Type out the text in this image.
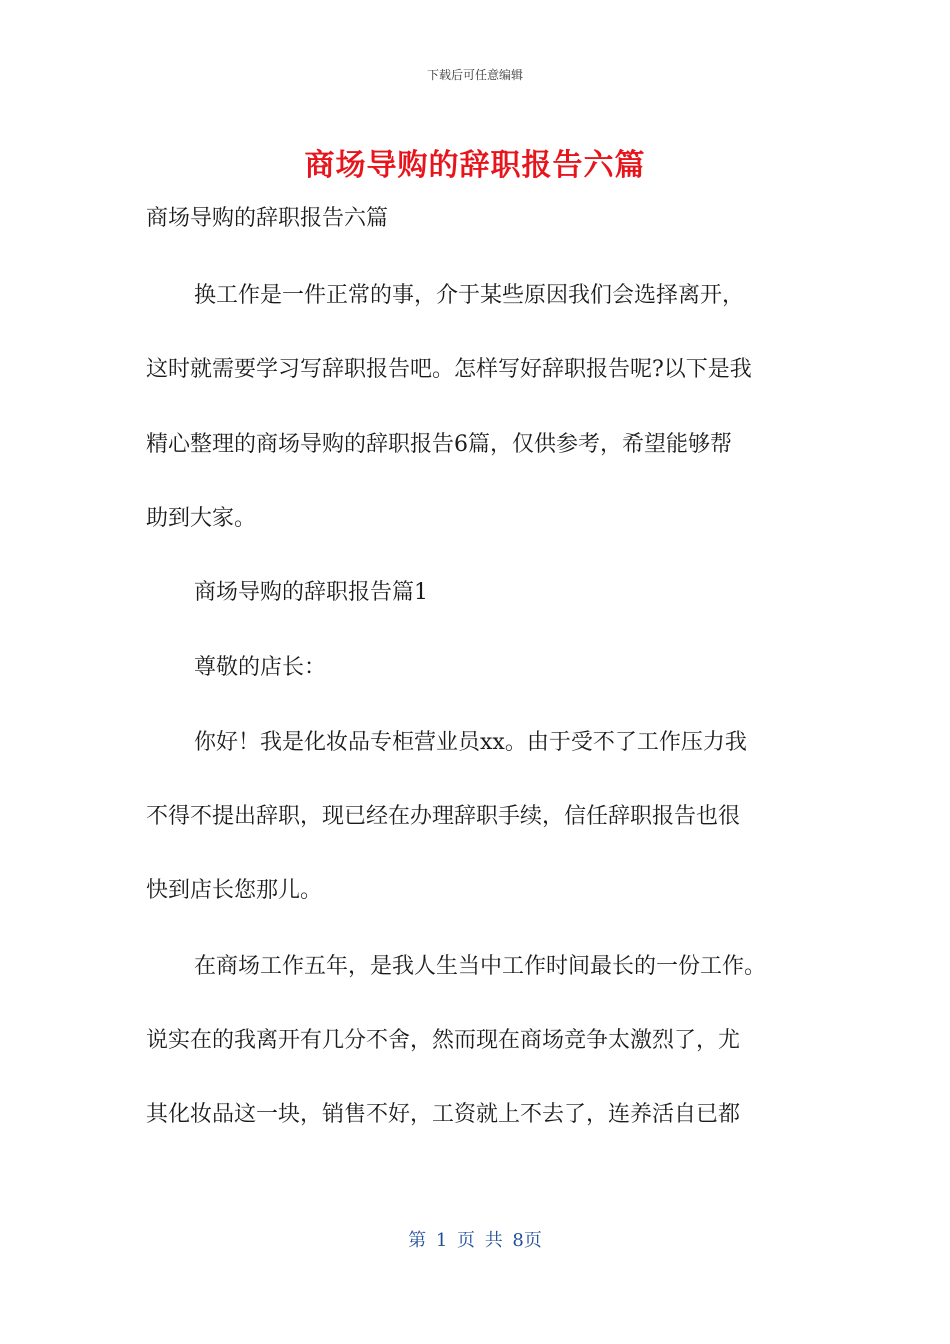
下载后可任意编辑
商场导购的辞职报告六篇
商场导购的辞职报告六篇
换工作是一件正常的事，介于某些原因我们会选择离开，
这时就需要学习写辞职报告吧。怎样写好辞职报告呢?以下是我
精心整理的商场导购的辞职报告6篇，仅供参考，希望能够帮
助到大家。
商场导购的辞职报告篇1
尊敬的店长：
你好！我是化妆品专柜营业员xx。由于受不了工作压力我
不得不提出辞职，现已经在办理辞职手续，信任辞职报告也很
快到店长您那儿。
在商场工作五年，是我人生当中工作时间最长的一份工作。
说实在的我离开有几分不舍，然而现在商场竞争太激烈了，尤
其化妆品这一块，销售不好，工资就上不去了，连养活自已都
第 1 页 共 8页
